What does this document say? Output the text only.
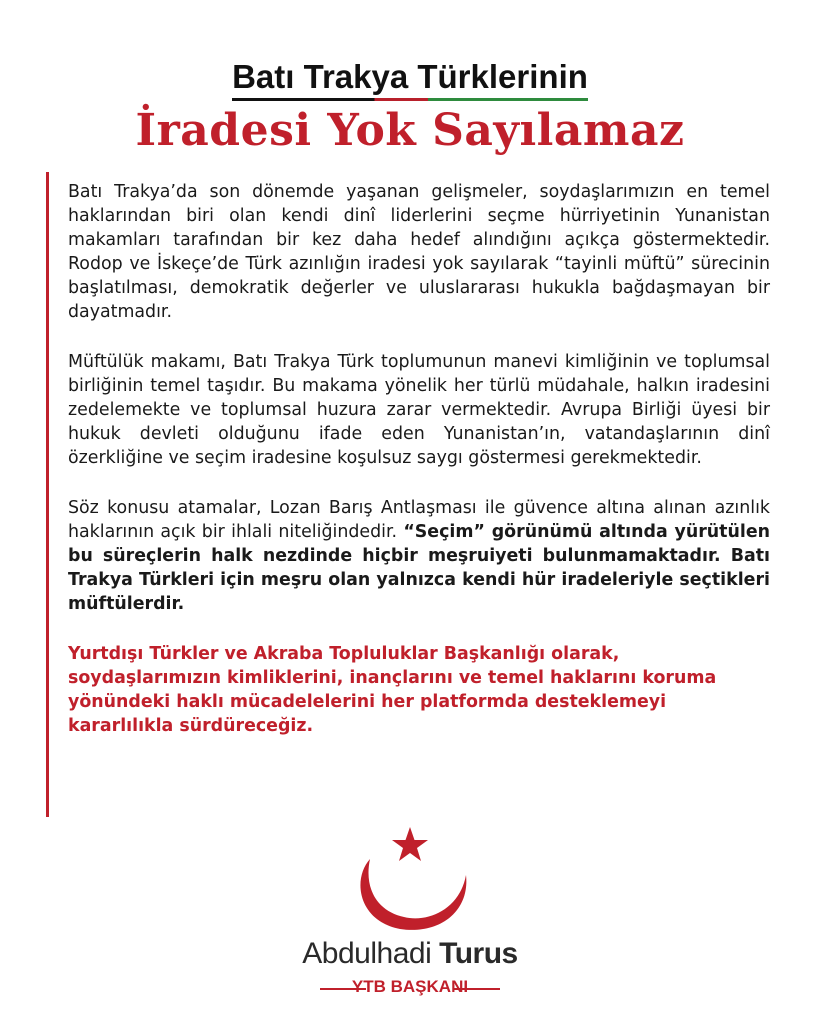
Batı Trakya Türklerinin
İradesi Yok Sayılamaz

Batı Trakya’da son dönemde yaşanan gelişmeler, soydaşlarımızın en temel haklarından biri olan kendi dinî liderlerini seçme hürriyetinin Yunanistan makamları tarafından bir kez daha hedef alındığını açıkça göstermektedir. Rodop ve İskeçe’de Türk azınlığın iradesi yok sayılarak “tayinli müftü” sürecinin başlatılması, demokratik değerler ve uluslararası hukukla bağdaşmayan bir dayatmadır.

Müftülük makamı, Batı Trakya Türk toplumunun manevi kimliğinin ve toplumsal birliğinin temel taşıdır. Bu makama yönelik her türlü müdahale, halkın iradesini zedelemekte ve toplumsal huzura zarar vermektedir. Avrupa Birliği üyesi bir hukuk devleti olduğunu ifade eden Yunanistan’ın, vatandaşlarının dinî özerkliğine ve seçim iradesine koşulsuz saygı göstermesi gerekmektedir.

Söz konusu atamalar, Lozan Barış Antlaşması ile güvence altına alınan azınlık haklarının açık bir ihlali niteliğindedir. “Seçim” görünümü altında yürütülen bu süreçlerin halk nezdinde hiçbir meşruiyeti bulunmamaktadır. Batı Trakya Türkleri için meşru olan yalnızca kendi hür iradeleriyle seçtikleri müftülerdir.

Yurtdışı Türkler ve Akraba Topluluklar Başkanlığı olarak, soydaşlarımızın kimliklerini, inançlarını ve temel haklarını koruma yönündeki haklı mücadelelerini her platformda desteklemeyi kararlılıkla sürdüreceğiz.

Abdulhadi Turus
YTB BAŞKANI
